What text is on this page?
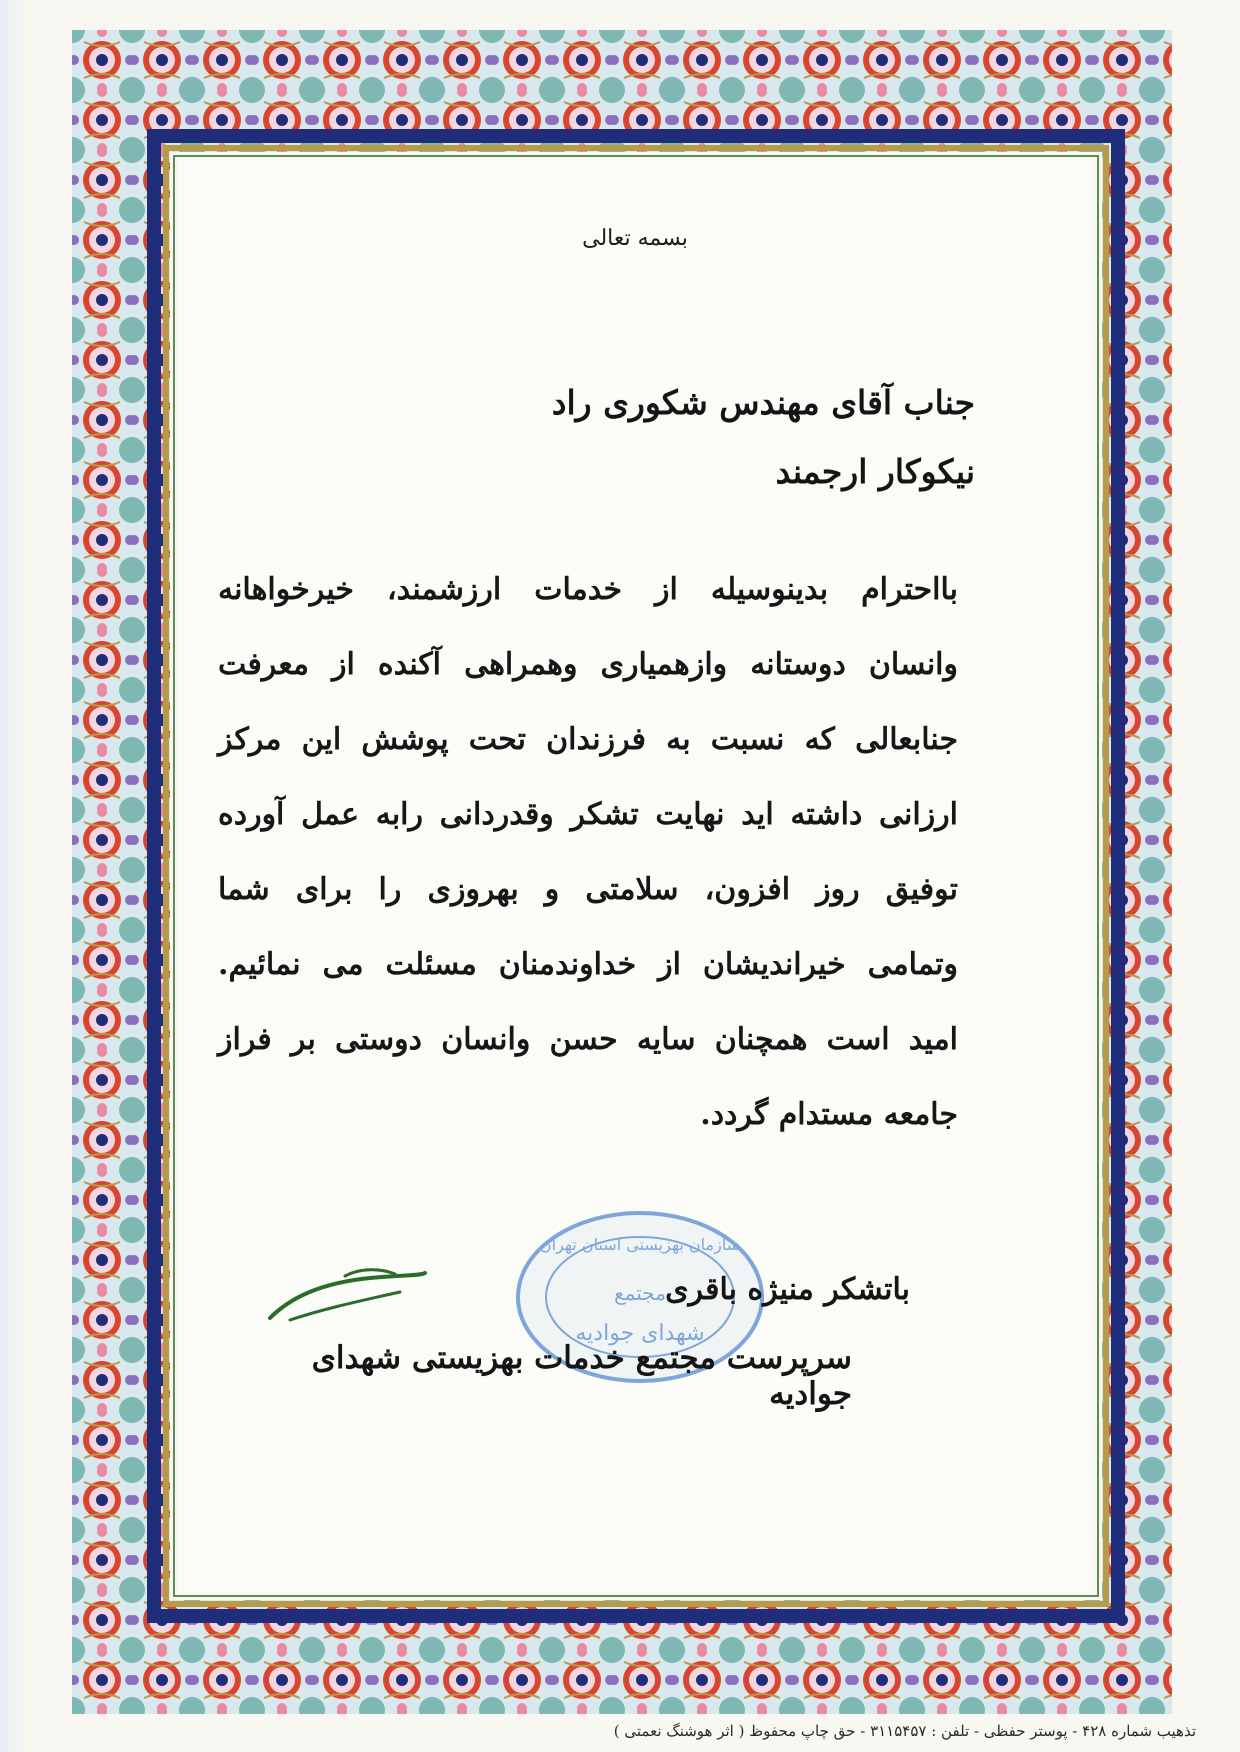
بسمه تعالی
جناب آقای مهندس شکوری راد
نیکوکار ارجمند
بااحترام بدینوسیله از خدمات ارزشمند، خیرخواهانه
وانسان دوستانه وازهمیاری وهمراهی آکنده از معرفت
جنابعالی که نسبت به فرزندان تحت پوشش این مرکز
ارزانی داشته اید نهایت تشکر وقدردانی رابه عمل آورده
توفیق روز افزون، سلامتی و بهروزی را برای شما
وتمامی خیراندیشان از خداوندمنان مسئلت می نمائیم.
امید است همچنان سایه حسن وانسان دوستی بر فراز
جامعه مستدام گردد.
سازمان بهزیستی استان تهران
مجتمع
شهدای جوادیه
باتشکر منیژه باقری
سرپرست مجتمع خدمات بهزیستی شهدای جوادیه
تذهیب شماره ۴۲۸ - پوستر حفظی - تلفن : ۳۱۱۵۴۵۷ - حق چاپ محفوظ ( اثر هوشنگ نعمتی )
